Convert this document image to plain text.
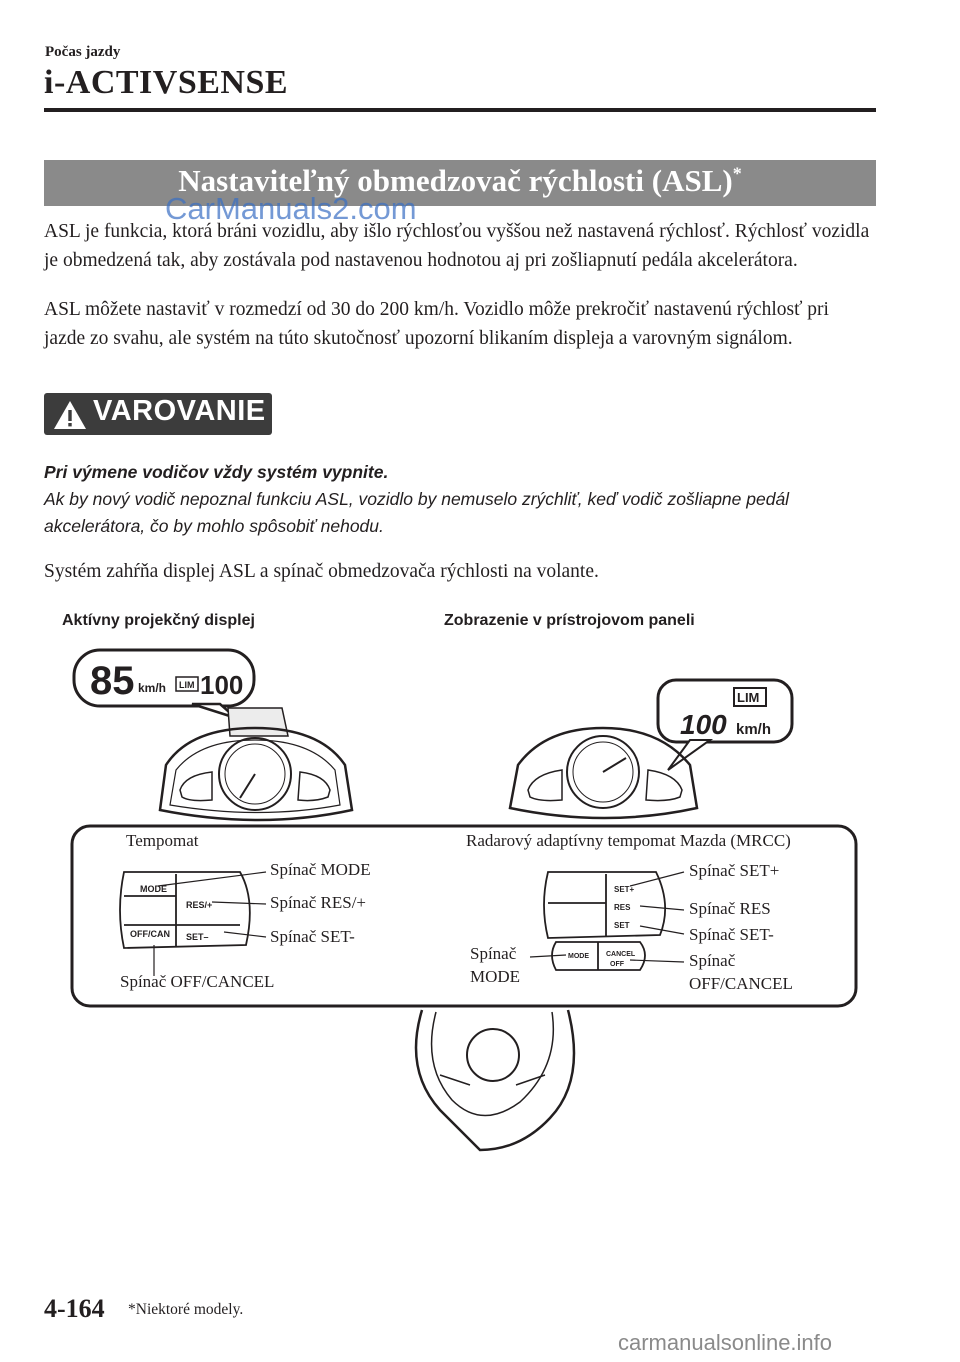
Počas jazdy
i-ACTIVSENSE
Nastaviteľný obmedzovač rýchlosti (ASL)*
CarManuals2.com
ASL je funkcia, ktorá bráni vozidlu, aby išlo rýchlosťou vyššou než nastavená rýchlosť. Rýchlosť vozidla je obmedzená tak, aby zostávala pod nastavenou hodnotou aj pri zošliapnutí pedála akcelerátora.
ASL môžete nastaviť v rozmedzí od 30 do 200 km/h. Vozidlo môže prekročiť nastavenú rýchlosť pri jazde zo svahu, ale systém na túto skutočnosť upozorní blikaním displeja a varovným signálom.
VAROVANIE
Pri výmene vodičov vždy systém vypnite.
Ak by nový vodič nepoznal funkciu ASL, vozidlo by nemuselo zrýchliť, keď vodič zošliapne pedál akcelerátora, čo by mohlo spôsobiť nehodu.
Systém zahŕňa displej ASL a spínač obmedzovača rýchlosti na volante.
Aktívny projekčný displej	Zobrazenie v prístrojovom paneli
85 km/h LIM 100	LIM
100 km/h
MODE
RES/+
OFF/CAN SET–
SET+
RES
SET
MODE CANCEL
OFF
Tempomat	Radarový adaptívny tempomat Mazda (MRCC)
Spínač MODE
Spínač RES/+
Spínač SET-
Spínač OFF/CANCEL
Spínač SET+
Spínač RES
Spínač SET-
Spínač
OFF/CANCEL
Spínač
MODE
4-164 *Niektoré modely.
carmanualsonline.info
